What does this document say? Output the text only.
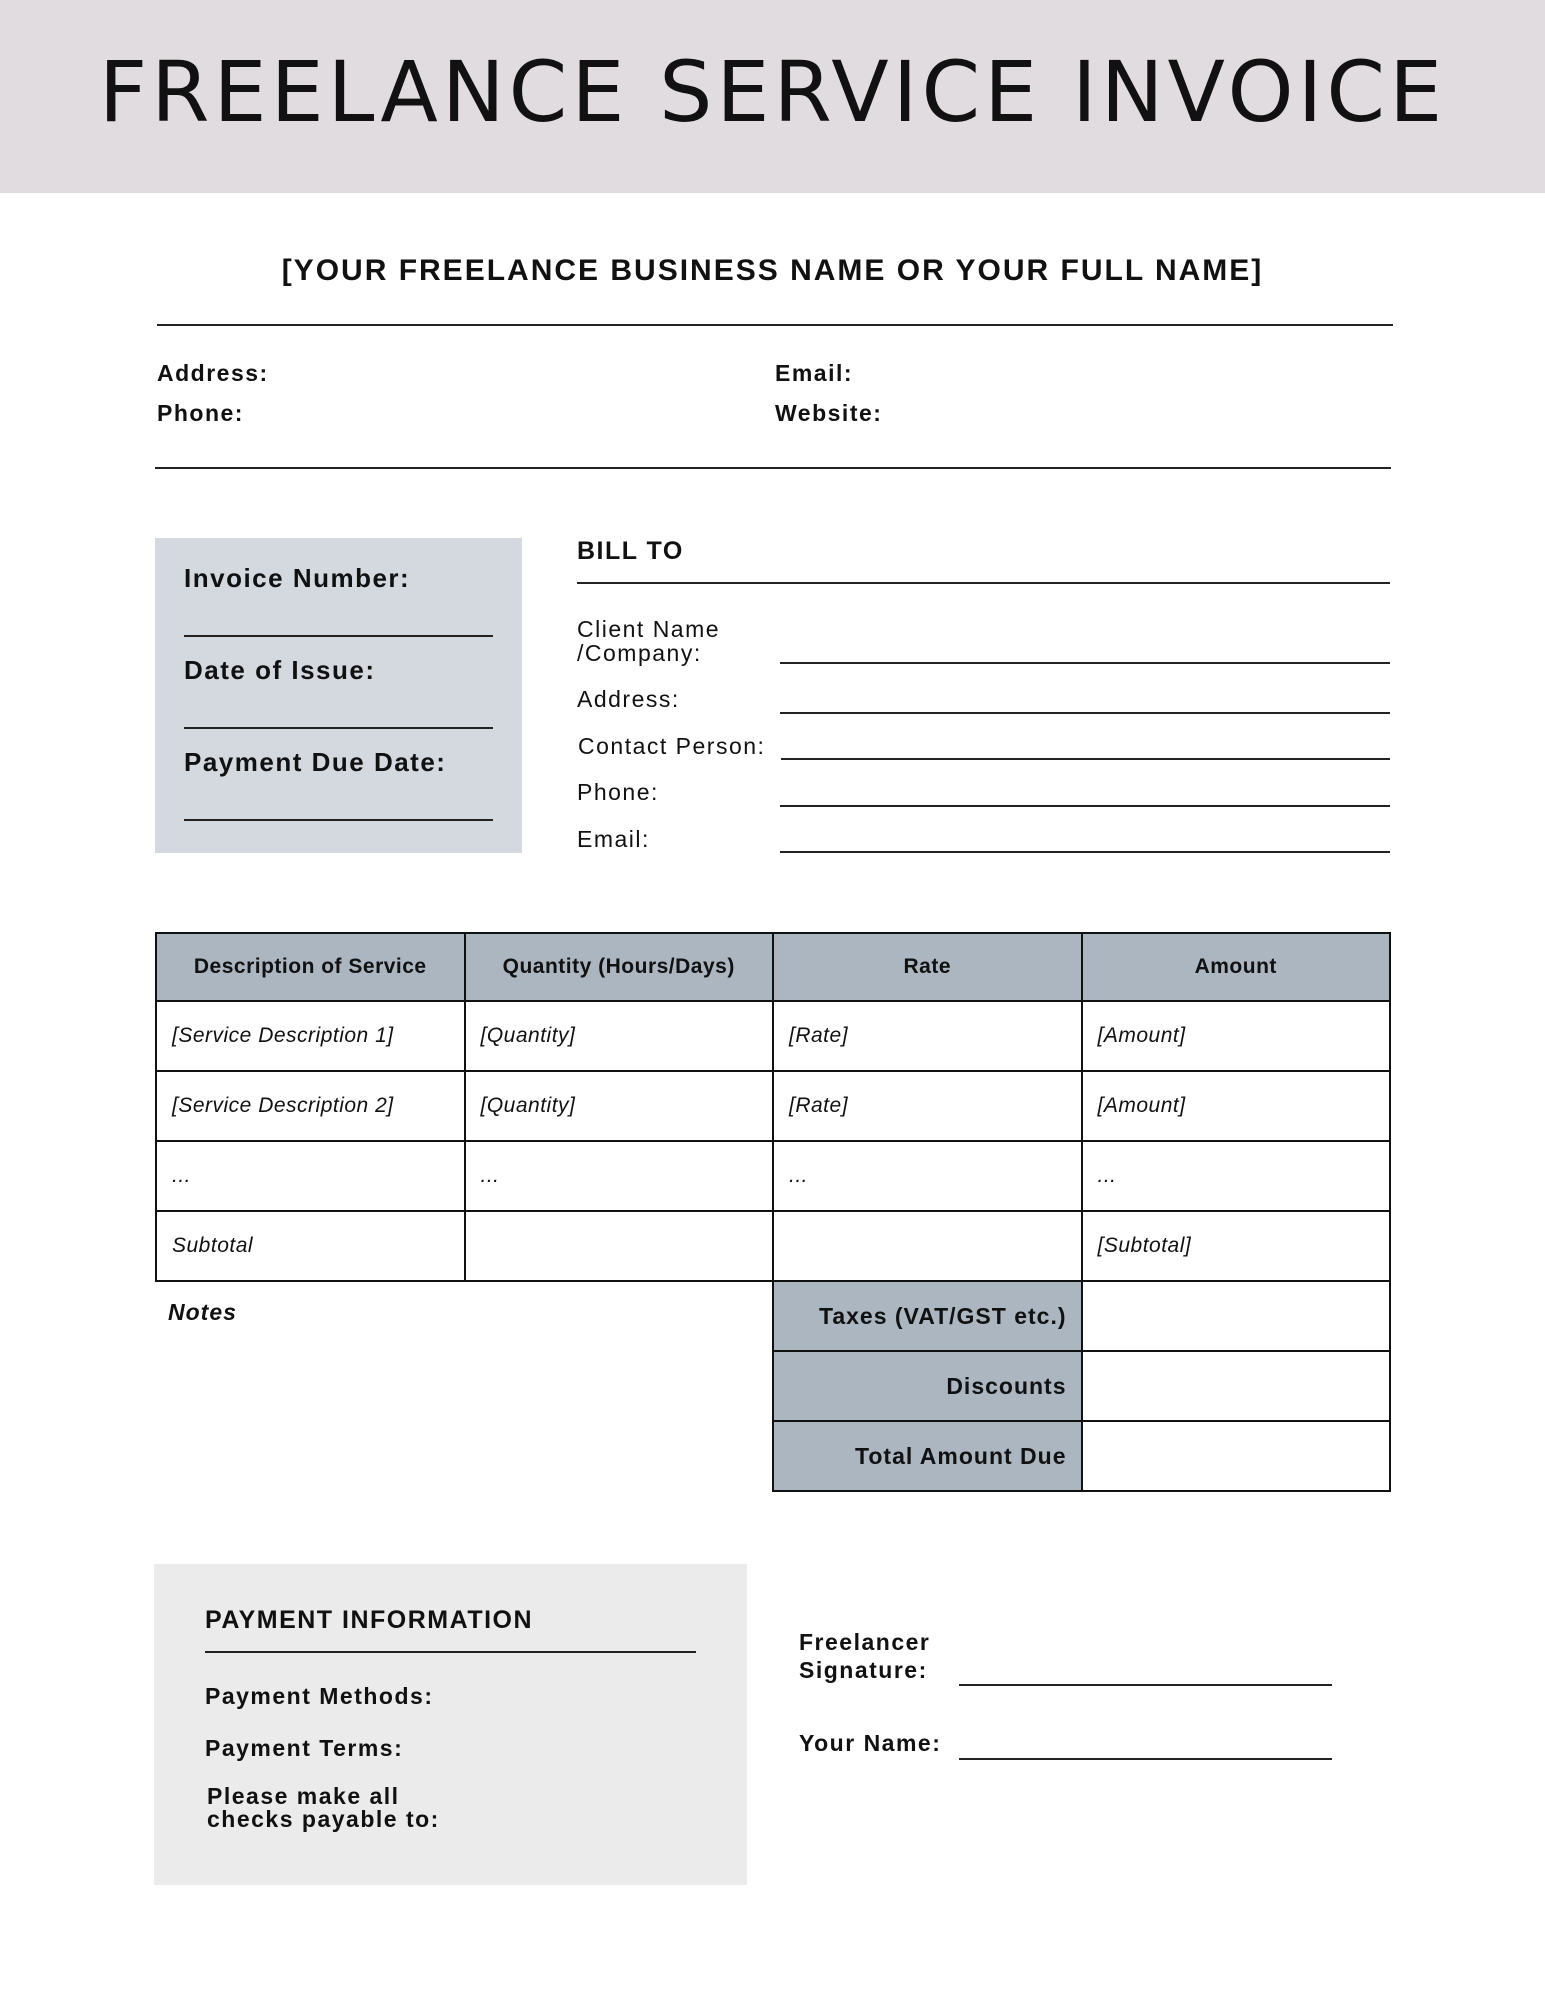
FREELANCE SERVICE INVOICE
[YOUR FREELANCE BUSINESS NAME OR YOUR FULL NAME]
Address:
Phone:
Email:
Website:
Invoice Number:
Date of Issue:
Payment Due Date:
BILL TO
Client Name
/Company:
Address:
Contact Person:
Phone:
Email:
Description of Service	Quantity (Hours/Days)	Rate	Amount
[Service Description 1]	[Quantity]	[Rate]	[Amount]
[Service Description 2]	[Quantity]	[Rate]	[Amount]
...	...	...	...
Subtotal			[Subtotal]
Notes	Taxes (VAT/GST etc.)	
Discounts	
Total Amount Due	
PAYMENT INFORMATION
Payment Methods:
Payment Terms:
Please make all
checks payable to:
Freelancer
Signature:
Your Name:
